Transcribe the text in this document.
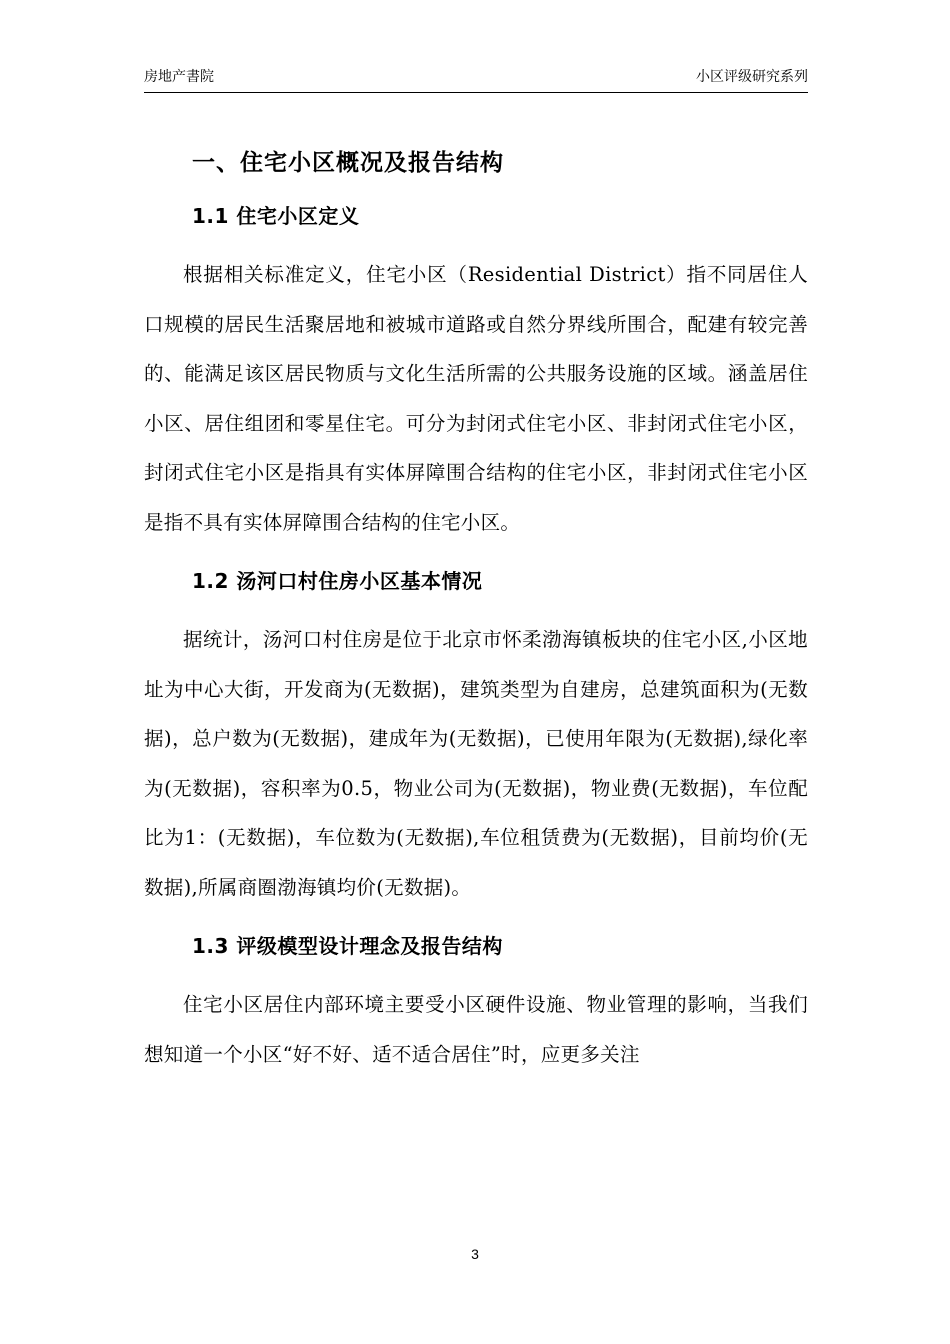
房地产書院	小区评级研究系列
一、住宅小区概况及报告结构
1.1 住宅小区定义

根据相关标准定义，住宅小区（Residential District）指不同居住人口规模的居民生活聚居地和被城市道路或自然分界线所围合，配建有较完善的、能满足该区居民物质与文化生活所需的公共服务设施的区域。涵盖居住小区、居住组团和零星住宅。可分为封闭式住宅小区、非封闭式住宅小区，封闭式住宅小区是指具有实体屏障围合结构的住宅小区，非封闭式住宅小区是指不具有实体屏障围合结构的住宅小区。

1.2 汤河口村住房小区基本情况

据统计，汤河口村住房是位于北京市怀柔渤海镇板块的住宅小区,小区地址为中心大街，开发商为(无数据)，建筑类型为自建房，总建筑面积为(无数据)，总户数为(无数据)，建成年为(无数据)，已使用年限为(无数据),绿化率为(无数据)，容积率为0.5，物业公司为(无数据)，物业费(无数据)，车位配比为1：(无数据)，车位数为(无数据),车位租赁费为(无数据)，目前均价(无数据),所属商圈渤海镇均价(无数据)。

1.3 评级模型设计理念及报告结构

住宅小区居住内部环境主要受小区硬件设施、物业管理的影响，当我们想知道一个小区“好不好、适不适合居住”时，应更多关注

3
